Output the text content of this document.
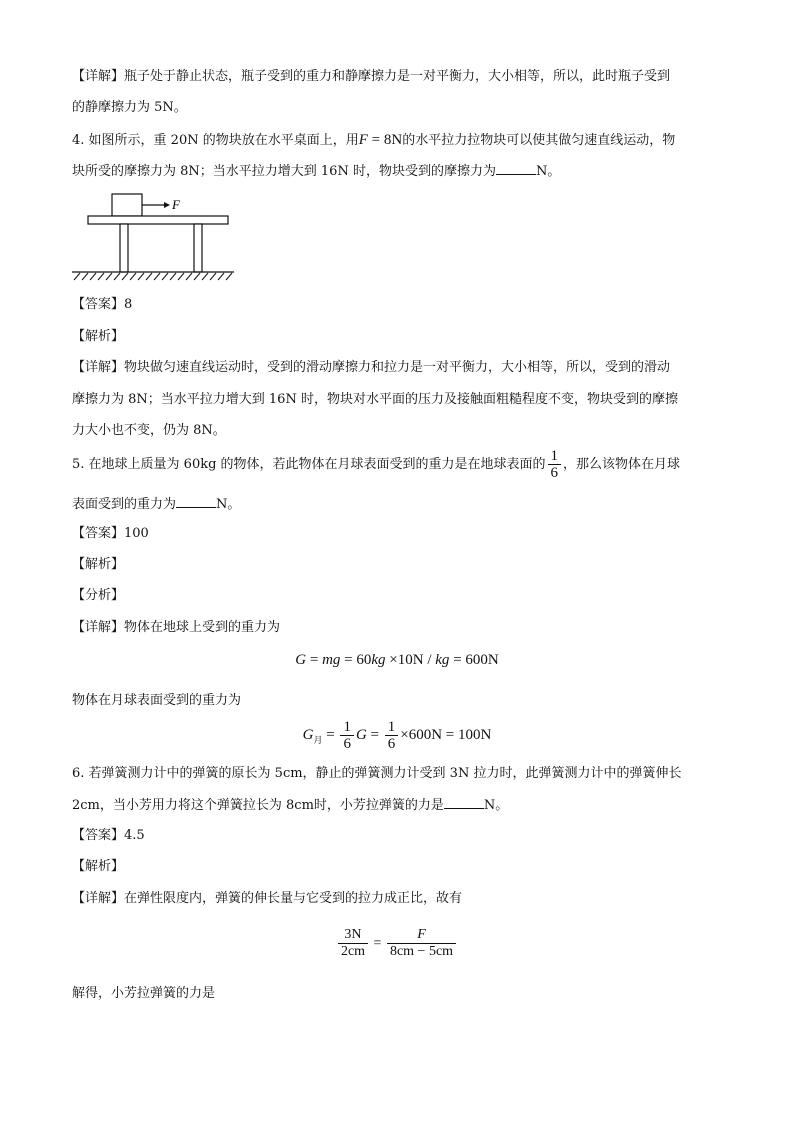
【详解】瓶子处于静止状态，瓶子受到的重力和静摩擦力是一对平衡力，大小相等，所以，此时瓶子受到
的静摩擦力为 5N。
4. 如图所示，重 20N 的物块放在水平桌面上，用F = 8N的水平拉力拉物块可以使其做匀速直线运动，物
块所受的摩擦力为 8N；当水平拉力增大到 16N 时，物块受到的摩擦力为	N。
F
【答案】8
【解析】
【详解】物块做匀速直线运动时，受到的滑动摩擦力和拉力是一对平衡力，大小相等，所以，受到的滑动
摩擦力为 8N；当水平拉力增大到 16N 时，物块对水平面的压力及接触面粗糙程度不变，物块受到的摩擦
力大小也不变，仍为 8N。
5. 在地球上质量为 60kg 的物体，若此物体在月球表面受到的重力是在地球表面的 $\frac{1}{6}$ ，那么该物体在月球
表面受到的重力为	N。
【答案】100
【解析】
【分析】
【详解】物体在地球上受到的重力为
G = mg = 60kg ×10N / kg = 600N
物体在月球表面受到的重力为
$G_月 = \frac{1}{6}$ $G = \frac{1}{6} \times 600N = 100N$
6. 若弹簧测力计中的弹簧的原长为 5cm，静止的弹簧测力计受到 3N 拉力时，此弹簧测力计中的弹簧伸长
2cm，当小芳用力将这个弹簧拉长为 8cm时，小芳拉弹簧的力是	N。
【答案】4.5
【解析】
【详解】在弹性限度内，弹簧的伸长量与它受到的拉力成正比，故有
$\frac{3N}{2cm} = \frac{F}{8cm - 5cm}$
解得，小芳拉弹簧的力是
